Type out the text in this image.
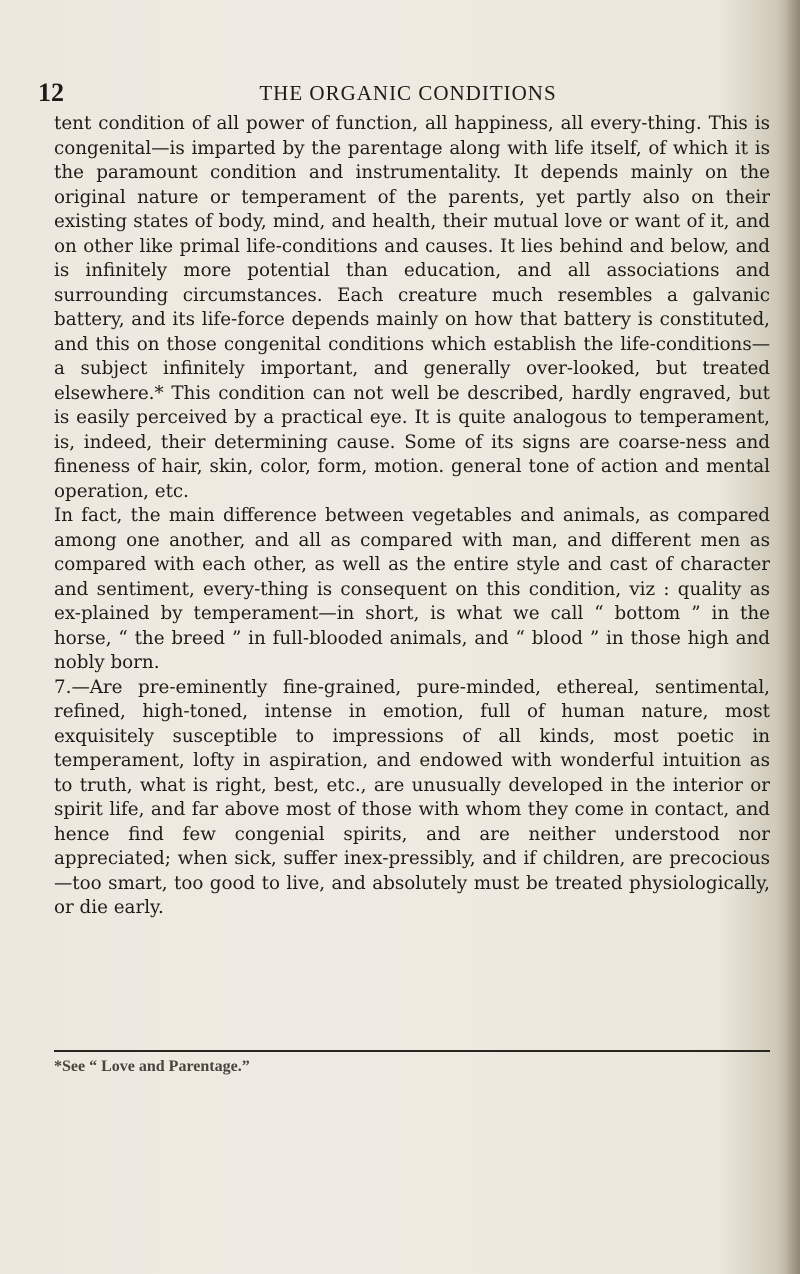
12	THE ORGANIC CONDITIONS

tent condition of all power of function, all happiness, all every-thing. This is congenital—is imparted by the parentage along with life itself, of which it is the paramount condition and instrumentality. It depends mainly on the original nature or temperament of the parents, yet partly also on their existing states of body, mind, and health, their mutual love or want of it, and on other like primal life-conditions and causes. It lies behind and below, and is infinitely more potential than education, and all associations and surrounding circumstances. Each creature much resembles a galvanic battery, and its life-force depends mainly on how that battery is constituted, and this on those congenital conditions which establish the life-conditions—a subject infinitely important, and generally over-looked, but treated elsewhere.* This condition can not well be described, hardly engraved, but is easily perceived by a practical eye. It is quite analogous to temperament, is, indeed, their determining cause. Some of its signs are coarse-ness and fineness of hair, skin, color, form, motion. general tone of action and mental operation, etc.

In fact, the main difference between vegetables and animals, as compared among one another, and all as compared with man, and different men as compared with each other, as well as the entire style and cast of character and sentiment, every-thing is consequent on this condition, viz : quality as ex-plained by temperament—in short, is what we call “ bottom ” in the horse, “ the breed ” in full-blooded animals, and “ blood ” in those high and nobly born.

7.—Are pre-eminently fine-grained, pure-minded, ethereal, sentimental, refined, high-toned, intense in emotion, full of human nature, most exquisitely susceptible to impressions of all kinds, most poetic in temperament, lofty in aspiration, and endowed with wonderful intuition as to truth, what is right, best, etc., are unusually developed in the interior or spirit life, and far above most of those with whom they come in contact, and hence find few congenial spirits, and are neither understood nor appreciated; when sick, suffer inex-pressibly, and if children, are precocious—too smart, too good to live, and absolutely must be treated physiologically, or die early.

*See “ Love and Parentage.”
